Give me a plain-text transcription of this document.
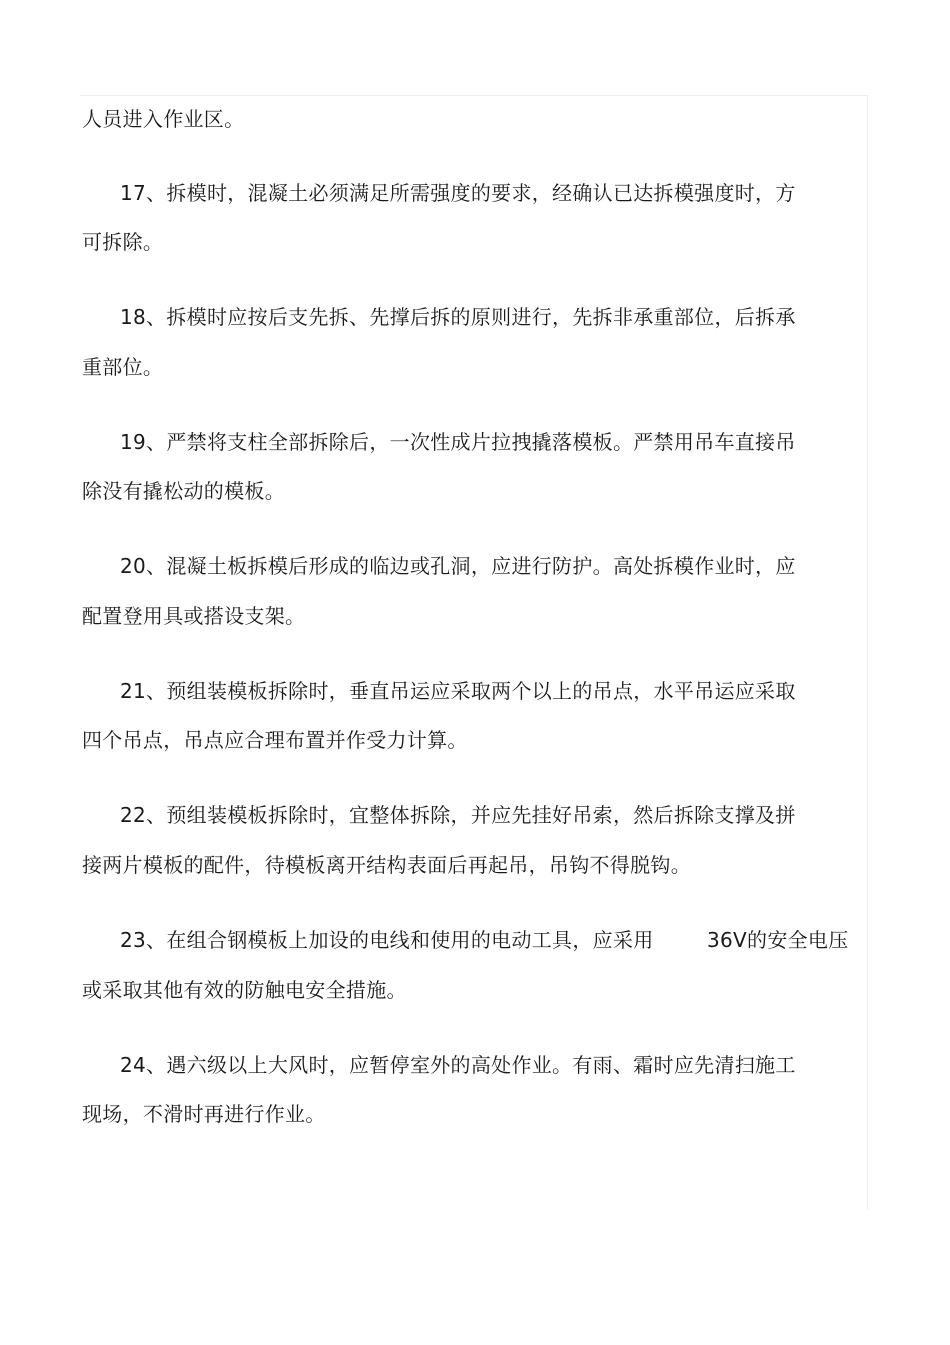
人员进入作业区。
17、拆模时，混凝土必须满足所需强度的要求，经确认已达拆模强度时，方
可拆除。
18、拆模时应按后支先拆、先撑后拆的原则进行，先拆非承重部位，后拆承
重部位。
19、严禁将支柱全部拆除后，一次性成片拉拽撬落模板。严禁用吊车直接吊
除没有撬松动的模板。
20、混凝土板拆模后形成的临边或孔洞，应进行防护。高处拆模作业时，应
配置登用具或搭设支架。
21、预组装模板拆除时，垂直吊运应采取两个以上的吊点，水平吊运应采取
四个吊点，吊点应合理布置并作受力计算。
22、预组装模板拆除时，宜整体拆除，并应先挂好吊索，然后拆除支撑及拼
接两片模板的配件，待模板离开结构表面后再起吊，吊钩不得脱钩。
23、在组合钢模板上加设的电线和使用的电动工具，应采用	36V的安全电压
或采取其他有效的防触电安全措施。
24、遇六级以上大风时，应暂停室外的高处作业。有雨、霜时应先清扫施工
现场，不滑时再进行作业。
